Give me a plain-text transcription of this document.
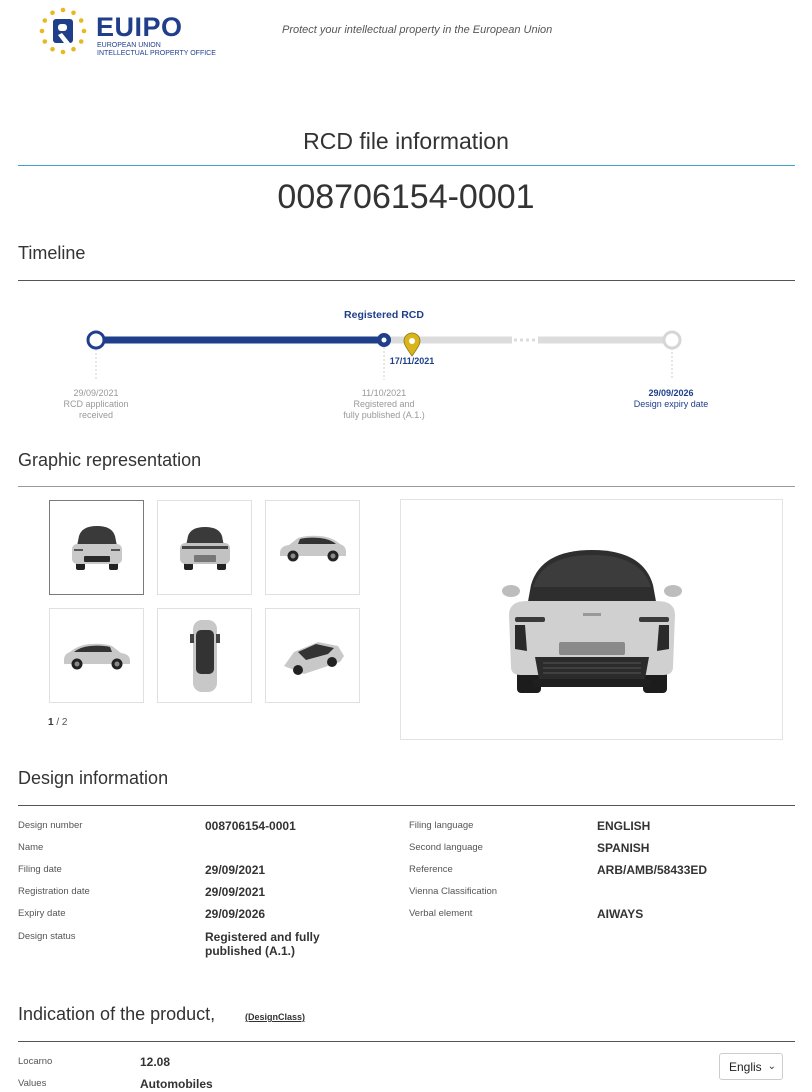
EUIPO
EUROPEAN UNION
INTELLECTUAL PROPERTY OFFICE
Protect your intellectual property in the European Union
RCD file information
008706154-0001
Timeline
Registered RCD
17/11/2021
29/09/2021
RCD application
received
11/10/2021
Registered and
fully published (A.1.)
29/09/2026
Design expiry date
Graphic representation
1 / 2
Design information
Design number	008706154-0001
Name
Filing date	29/09/2021
Registration date	29/09/2021
Expiry date	29/09/2026
Design status	Registered and fully
published (A.1.)
Filing language	ENGLISH
Second language	SPANISH
Reference	ARB/AMB/58433ED
Vienna Classification
Verbal element	AIWAYS
Indication of the product,	(DesignClass)
Locarno	12.08
Values	Automobiles
Englis ⌄
